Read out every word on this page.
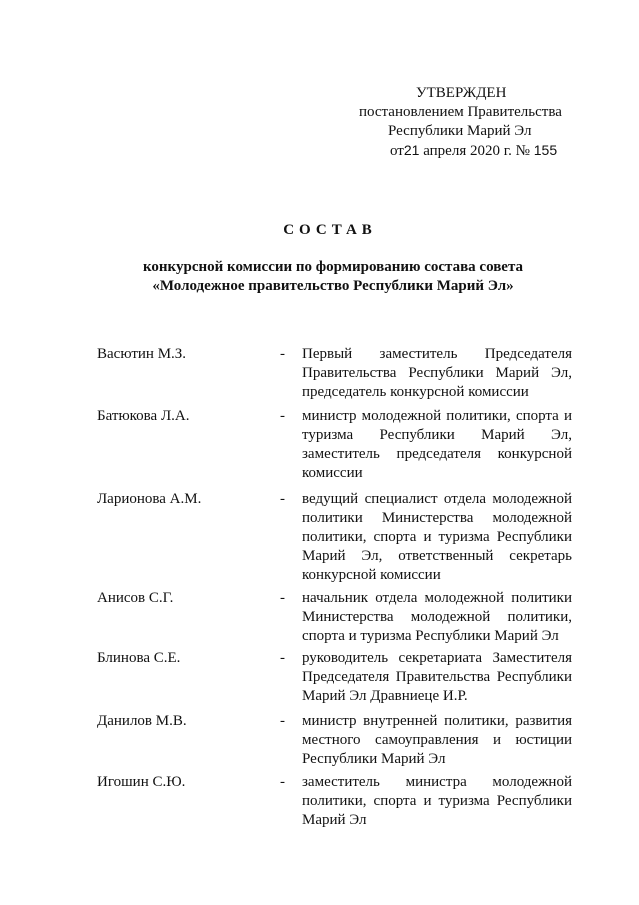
УТВЕРЖДЕН
постановлением Правительства
Республики Марий Эл
от21 апреля 2020 г. № 155
СОСТАВ
конкурсной комиссии по формированию состава совета
«Молодежное правительство Республики Марий Эл»
Васютин М.З.	- Первый заместитель Председателя Правительства Республики Марий Эл, председатель конкурсной комиссии
Батюкова Л.А.	- министр молодежной политики, спорта и туризма Республики Марий Эл, заместитель председателя конкурсной комиссии
Ларионова А.М.	- ведущий специалист отдела молодежной политики Министерства молодежной политики, спорта и туризма Республики Марий Эл, ответственный секретарь конкурсной комиссии
Анисов С.Г.	- начальник отдела молодежной политики Министерства молодежной политики, спорта и туризма Республики Марий Эл
Блинова С.Е.	- руководитель секретариата Заместителя Председателя Правительства Республики Марий Эл Дравниеце И.Р.
Данилов М.В.	- министр внутренней политики, развития местного самоуправления и юстиции Республики Марий Эл
Игошин С.Ю.	- заместитель министра молодежной политики, спорта и туризма Республики Марий Эл
